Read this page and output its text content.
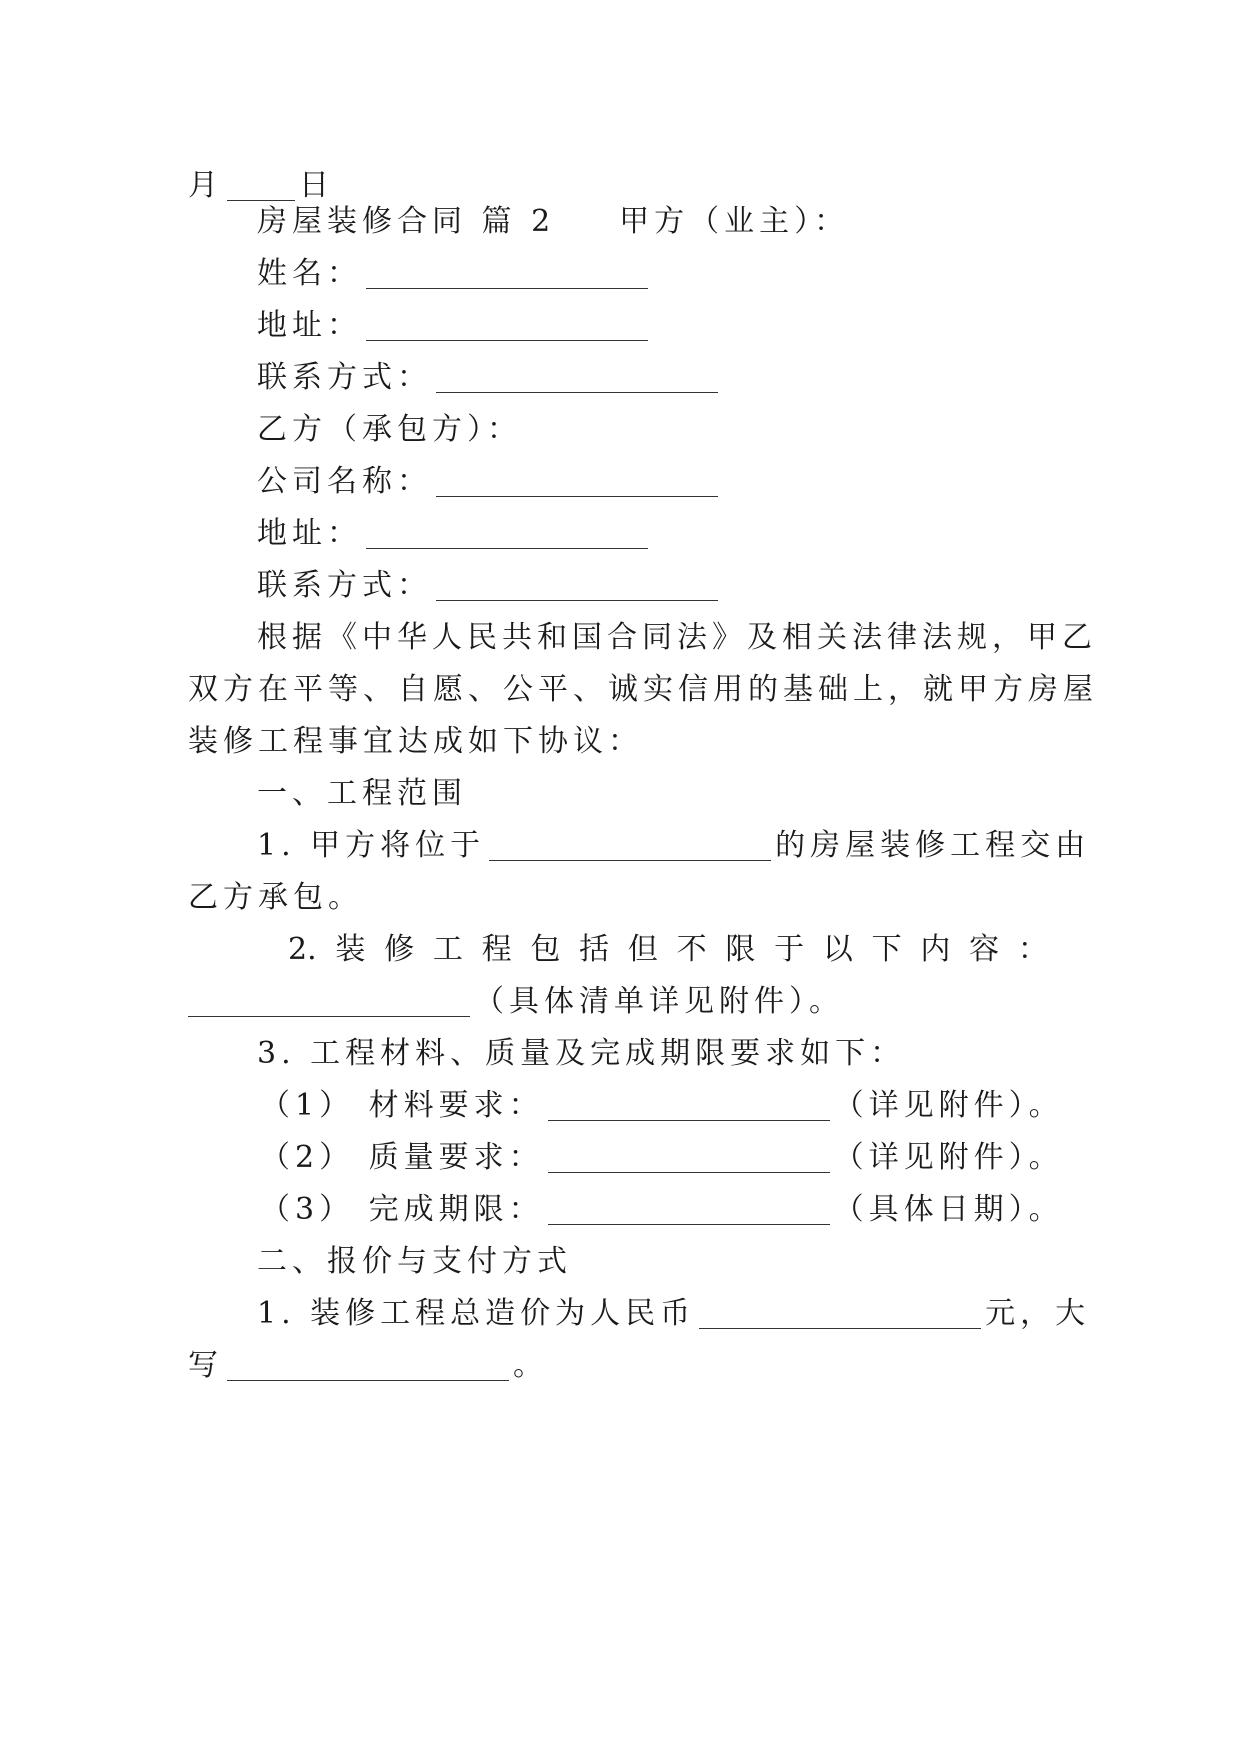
月	日
房屋装修合同 篇 2 甲方（业主）：
姓名：
地址：
联系方式：
乙方（承包方）：
公司名称：
地址：
联系方式：
根据《中华人民共和国合同法》及相关法律法规，甲乙
双方在平等、自愿、公平、诚实信用的基础上，就甲方房屋
装修工程事宜达成如下协议：
一、工程范围
1. 甲方将位于	的房屋装修工程交由
乙方承包。
2. 装 修 工 程 包 括 但 不 限 于 以 下 内 容 ：
（具体清单详见附件）。
3. 工程材料、质量及完成期限要求如下：
（1） 材料要求：	（详见附件）。
（2） 质量要求：	（详见附件）。
（3） 完成期限：	（具体日期）。
二、报价与支付方式
1. 装修工程总造价为人民币	元，大
写	。
